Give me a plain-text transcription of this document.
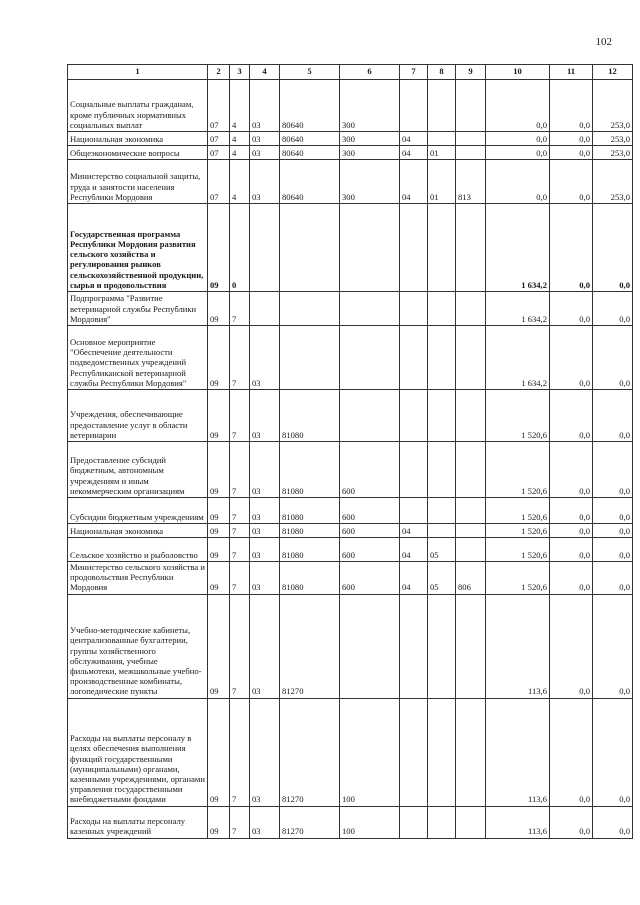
102
1	2	3	4	5	6	7	8	9	10	11	12
Социальные выплаты гражданам, кроме публичных нормативных социальных выплат	07	4	03	80640	300				0,0	0,0	253,0
Национальная экономика	07	4	03	80640	300	04			0,0	0,0	253,0
Общеэкономические вопросы	07	4	03	80640	300	04	01		0,0	0,0	253,0
Министерство социальной защиты, труда и занятости населения Республики Мордовия	07	4	03	80640	300	04	01	813	0,0	0,0	253,0
Государственная программа Республики Мордовия развития сельского хозяйства и регулирования рынков сельскохозяйственной продукции, сырья и продовольствия	09	0							1 634,2	0,0	0,0
Подпрограмма "Развитие ветеринарной службы Республики Мордовия"	09	7							1 634,2	0,0	0,0
Основное мероприятие "Обеспечение деятельности подведомственных учреждений Республиканской ветеринарной службы Республики Мордовия"	09	7	03						1 634,2	0,0	0,0
Учреждения, обеспечивающие предоставление услуг в области ветеринарии	09	7	03	81080					1 520,6	0,0	0,0
Предоставление субсидий бюджетным, автономным учреждениям и иным некоммерческим организациям	09	7	03	81080	600				1 520,6	0,0	0,0
Субсидии бюджетным учреждениям	09	7	03	81080	600				1 520,6	0,0	0,0
Национальная экономика	09	7	03	81080	600	04			1 520,6	0,0	0,0
Сельское хозяйство и рыболовство	09	7	03	81080	600	04	05		1 520,6	0,0	0,0
Министерство сельского хозяйства и продовольствия Республики Мордовия	09	7	03	81080	600	04	05	806	1 520,6	0,0	0,0
Учебно-методические кабинеты, централизованные бухгалтерии, группы хозяйственного обслуживания, учебные фильмотеки, межшкольные учебно-производственные комбинаты, логопедические пункты	09	7	03	81270					113,6	0,0	0,0
Расходы на выплаты персоналу в целях обеспечения выполнения функций государственными (муниципальными) органами, казенными учреждениями, органами управления государственными внебюджетными фондами	09	7	03	81270	100				113,6	0,0	0,0
Расходы на выплаты персоналу казенных учреждений	09	7	03	81270	100				113,6	0,0	0,0
